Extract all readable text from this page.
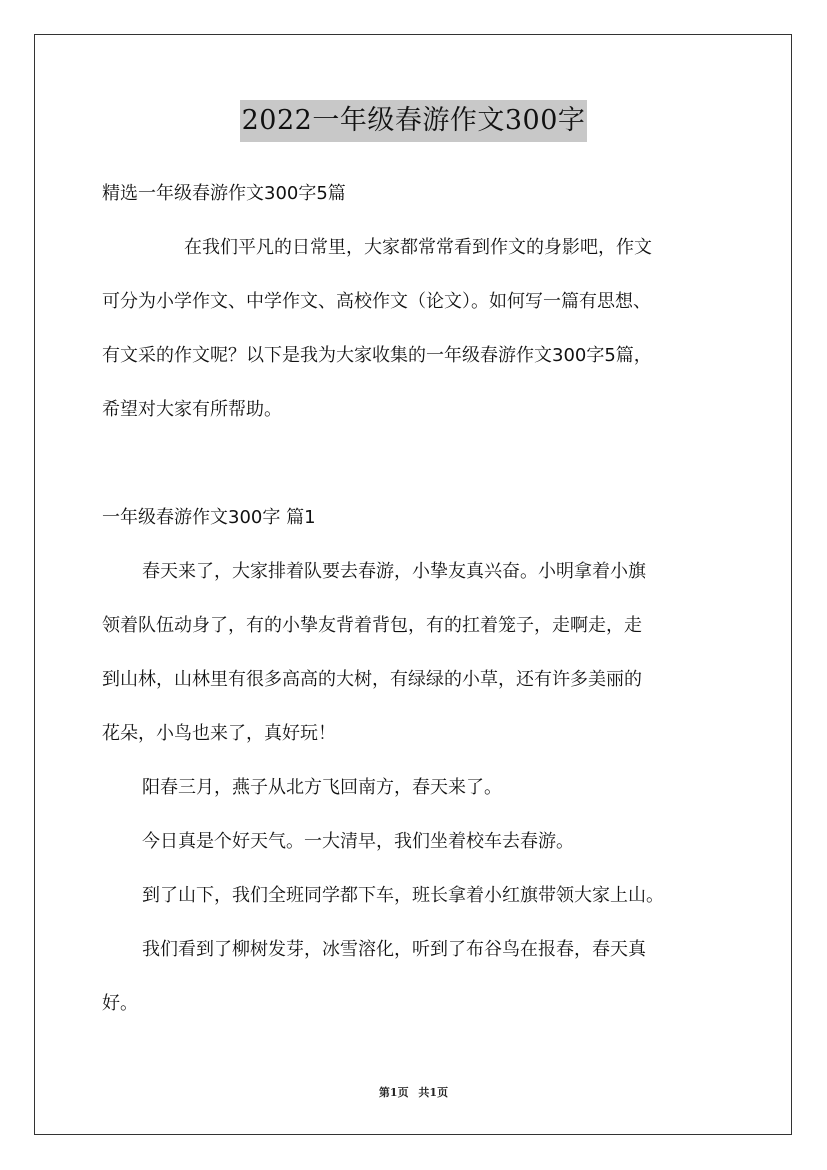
2022一年级春游作文300字
精选一年级春游作文300字5篇
在我们平凡的日常里，大家都常常看到作文的身影吧，作文
可分为小学作文、中学作文、高校作文（论文）。如何写一篇有思想、
有文采的作文呢？以下是我为大家收集的一年级春游作文300字5篇，
希望对大家有所帮助。
一年级春游作文300字 篇1
春天来了，大家排着队要去春游，小挚友真兴奋。小明拿着小旗
领着队伍动身了，有的小挚友背着背包，有的扛着笼子，走啊走，走
到山林，山林里有很多高高的大树，有绿绿的小草，还有许多美丽的
花朵，小鸟也来了，真好玩！
阳春三月，燕子从北方飞回南方，春天来了。
今日真是个好天气。一大清早，我们坐着校车去春游。
到了山下，我们全班同学都下车，班长拿着小红旗带领大家上山。
我们看到了柳树发芽，冰雪溶化，听到了布谷鸟在报春，春天真
好。
第1页 共1页
